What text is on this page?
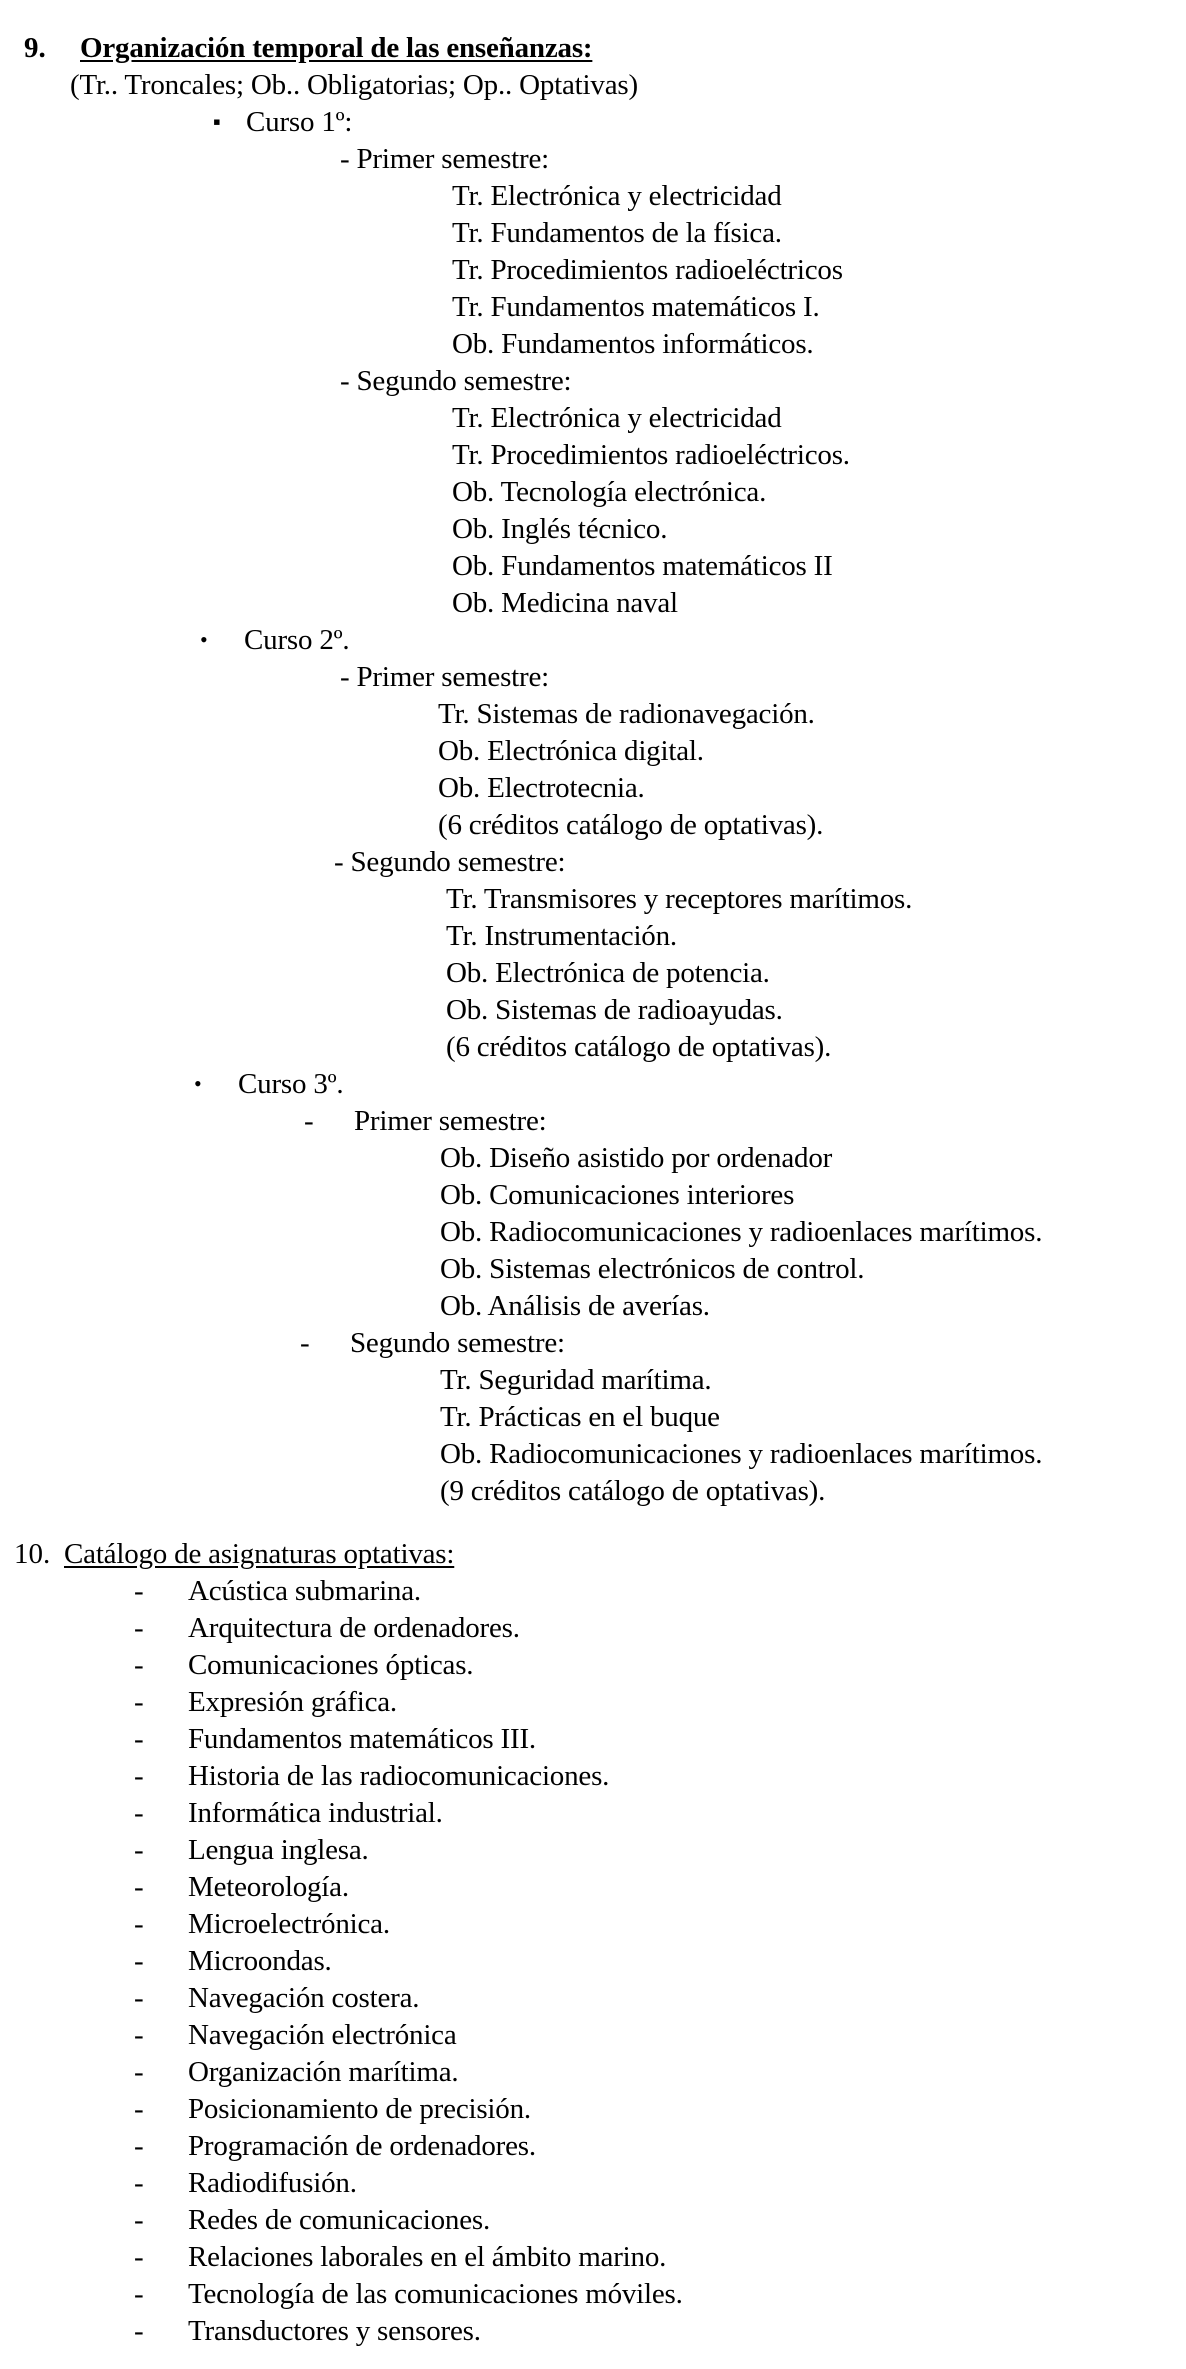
9. Organización temporal de las enseñanzas:
(Tr.. Troncales; Ob.. Obligatorias; Op.. Optativas)
▪ Curso 1º:
- Primer semestre:
Tr. Electrónica y electricidad
Tr. Fundamentos de la física.
Tr. Procedimientos radioeléctricos
Tr. Fundamentos matemáticos I.
Ob. Fundamentos informáticos.
- Segundo semestre:
Tr. Electrónica y electricidad
Tr. Procedimientos radioeléctricos.
Ob. Tecnología electrónica.
Ob. Inglés técnico.
Ob. Fundamentos matemáticos II
Ob. Medicina naval
• Curso 2º.
- Primer semestre:
Tr. Sistemas de radionavegación.
Ob. Electrónica digital.
Ob. Electrotecnia.
(6 créditos catálogo de optativas).
- Segundo semestre:
Tr. Transmisores y receptores marítimos.
Tr. Instrumentación.
Ob. Electrónica de potencia.
Ob. Sistemas de radioayudas.
(6 créditos catálogo de optativas).
• Curso 3º.
- Primer semestre:
Ob. Diseño asistido por ordenador
Ob. Comunicaciones interiores
Ob. Radiocomunicaciones y radioenlaces marítimos.
Ob. Sistemas electrónicos de control.
Ob. Análisis de averías.
- Segundo semestre:
Tr. Seguridad marítima.
Tr. Prácticas en el buque
Ob. Radiocomunicaciones y radioenlaces marítimos.
(9 créditos catálogo de optativas).
10. Catálogo de asignaturas optativas:
- Acústica submarina.
- Arquitectura de ordenadores.
- Comunicaciones ópticas.
- Expresión gráfica.
- Fundamentos matemáticos III.
- Historia de las radiocomunicaciones.
- Informática industrial.
- Lengua inglesa.
- Meteorología.
- Microelectrónica.
- Microondas.
- Navegación costera.
- Navegación electrónica
- Organización marítima.
- Posicionamiento de precisión.
- Programación de ordenadores.
- Radiodifusión.
- Redes de comunicaciones.
- Relaciones laborales en el ámbito marino.
- Tecnología de las comunicaciones móviles.
- Transductores y sensores.
